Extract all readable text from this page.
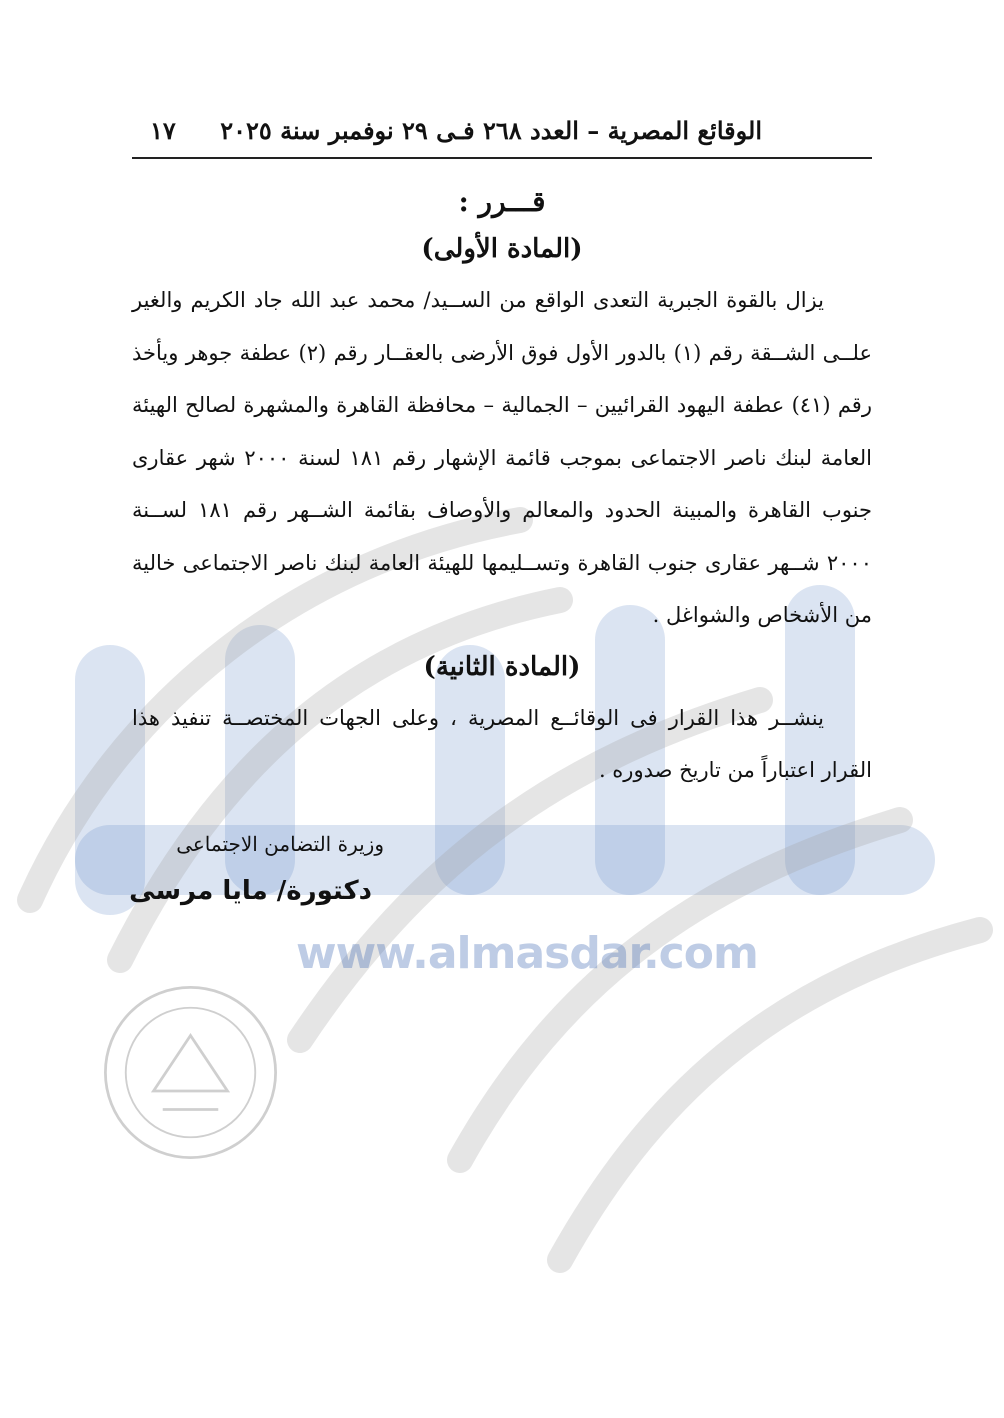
www.almasdar.com
الوقائع المصرية – العدد ٢٦٨ فـى ٢٩ نوفمبر سنة ٢٠٢٥
١٧
قـــرر :
(المادة الأولى)

يزال بالقوة الجبرية التعدى الواقع من الســيد/ محمد عبد الله جاد الكريم والغير علــى الشــقة رقم (١) بالدور الأول فوق الأرضى بالعقــار رقم (٢) عطفة جوهر ويأخذ رقم (٤١) عطفة اليهود القرائيين – الجمالية – محافظة القاهرة والمشهرة لصالح الهيئة العامة لبنك ناصر الاجتماعى بموجب قائمة الإشهار رقم ١٨١ لسنة ٢٠٠٠ شهر عقارى جنوب القاهرة والمبينة الحدود والمعالم والأوصاف بقائمة الشــهر رقم ١٨١ لســنة ٢٠٠٠ شــهر عقارى جنوب القاهرة وتســليمها للهيئة العامة لبنك ناصر الاجتماعى خالية من الأشخاص والشواغل .

(المادة الثانية)

ينشــر هذا القرار فى الوقائــع المصرية ، وعلى الجهات المختصــة تنفيذ هذا القرار اعتباراً من تاريخ صدوره .

وزيرة التضامن الاجتماعى
دكتورة/ مايا مرسى
